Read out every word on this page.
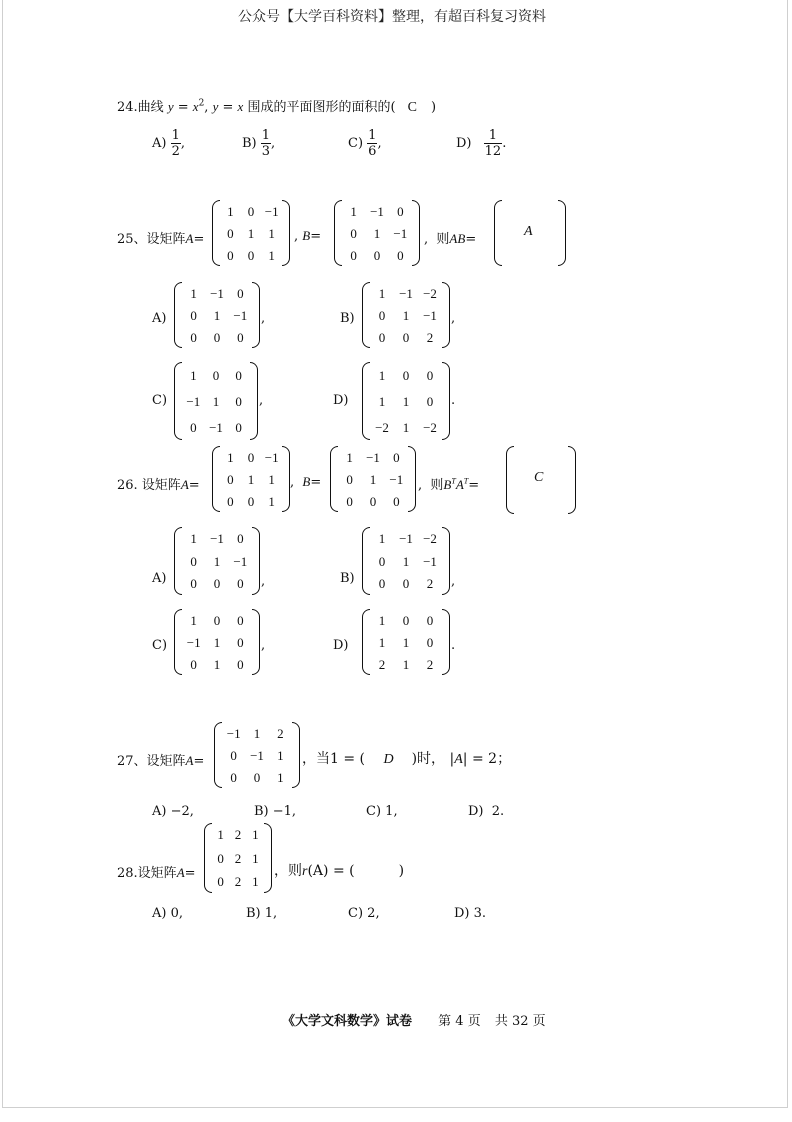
公众号【大学百科资料】整理，有超百科复习资料
24.曲线 $y = x^2$, y = x 围成的平面图形的面积的( C )
$A) \frac{1}{2}$ ,	$B) \frac{1}{3}$ ,	$C) \frac{1}{6}$ ,	$D) \frac{1}{12}$ .
25、设矩阵A=
1	0 −1
0	1	1
0	0	1
, B=
1	−1	0
0	1	−1
0	0	0
, 则AB=
A
A)
1	−1	0
0	1	−1
0	0	0
,	B)
1	−1 −2
0	1	−1
0	0	2
,
C)
1	0	0
−1 1	0
0 −1 0
,	D)
1	0	0
1	1	0
−2	1	−2
.
26. 设矩阵A=
1	0 −1
0	1	1
0	0	1
, B=
1	−1	0
0	1	−1
0	0	0
, 则$B^TA^T=$
C
A)
1	−1	0
0	1	−1
0	0	0	,	B)
1	−1 −2
0	1	−1
0	0	2	,
C)
1	0	0
−1	1	0
0	1	0
,	D)
1	0	0
1	1	0
2	1	2
.
27、设矩阵A=
−1	1	2
0	−1	1
0	0	1
，当1 = ( D )时， |A| = 2；
A) −2,	B) −1,	C) 1,	D) 2.
28.设矩阵A=
1 2 1
0 2 1
0 2 1
，则r(A) = (	)
A) 0,	B) 1,	C) 2,	D) 3.
《大学文科数学》试卷 第 4 页 共 32 页
